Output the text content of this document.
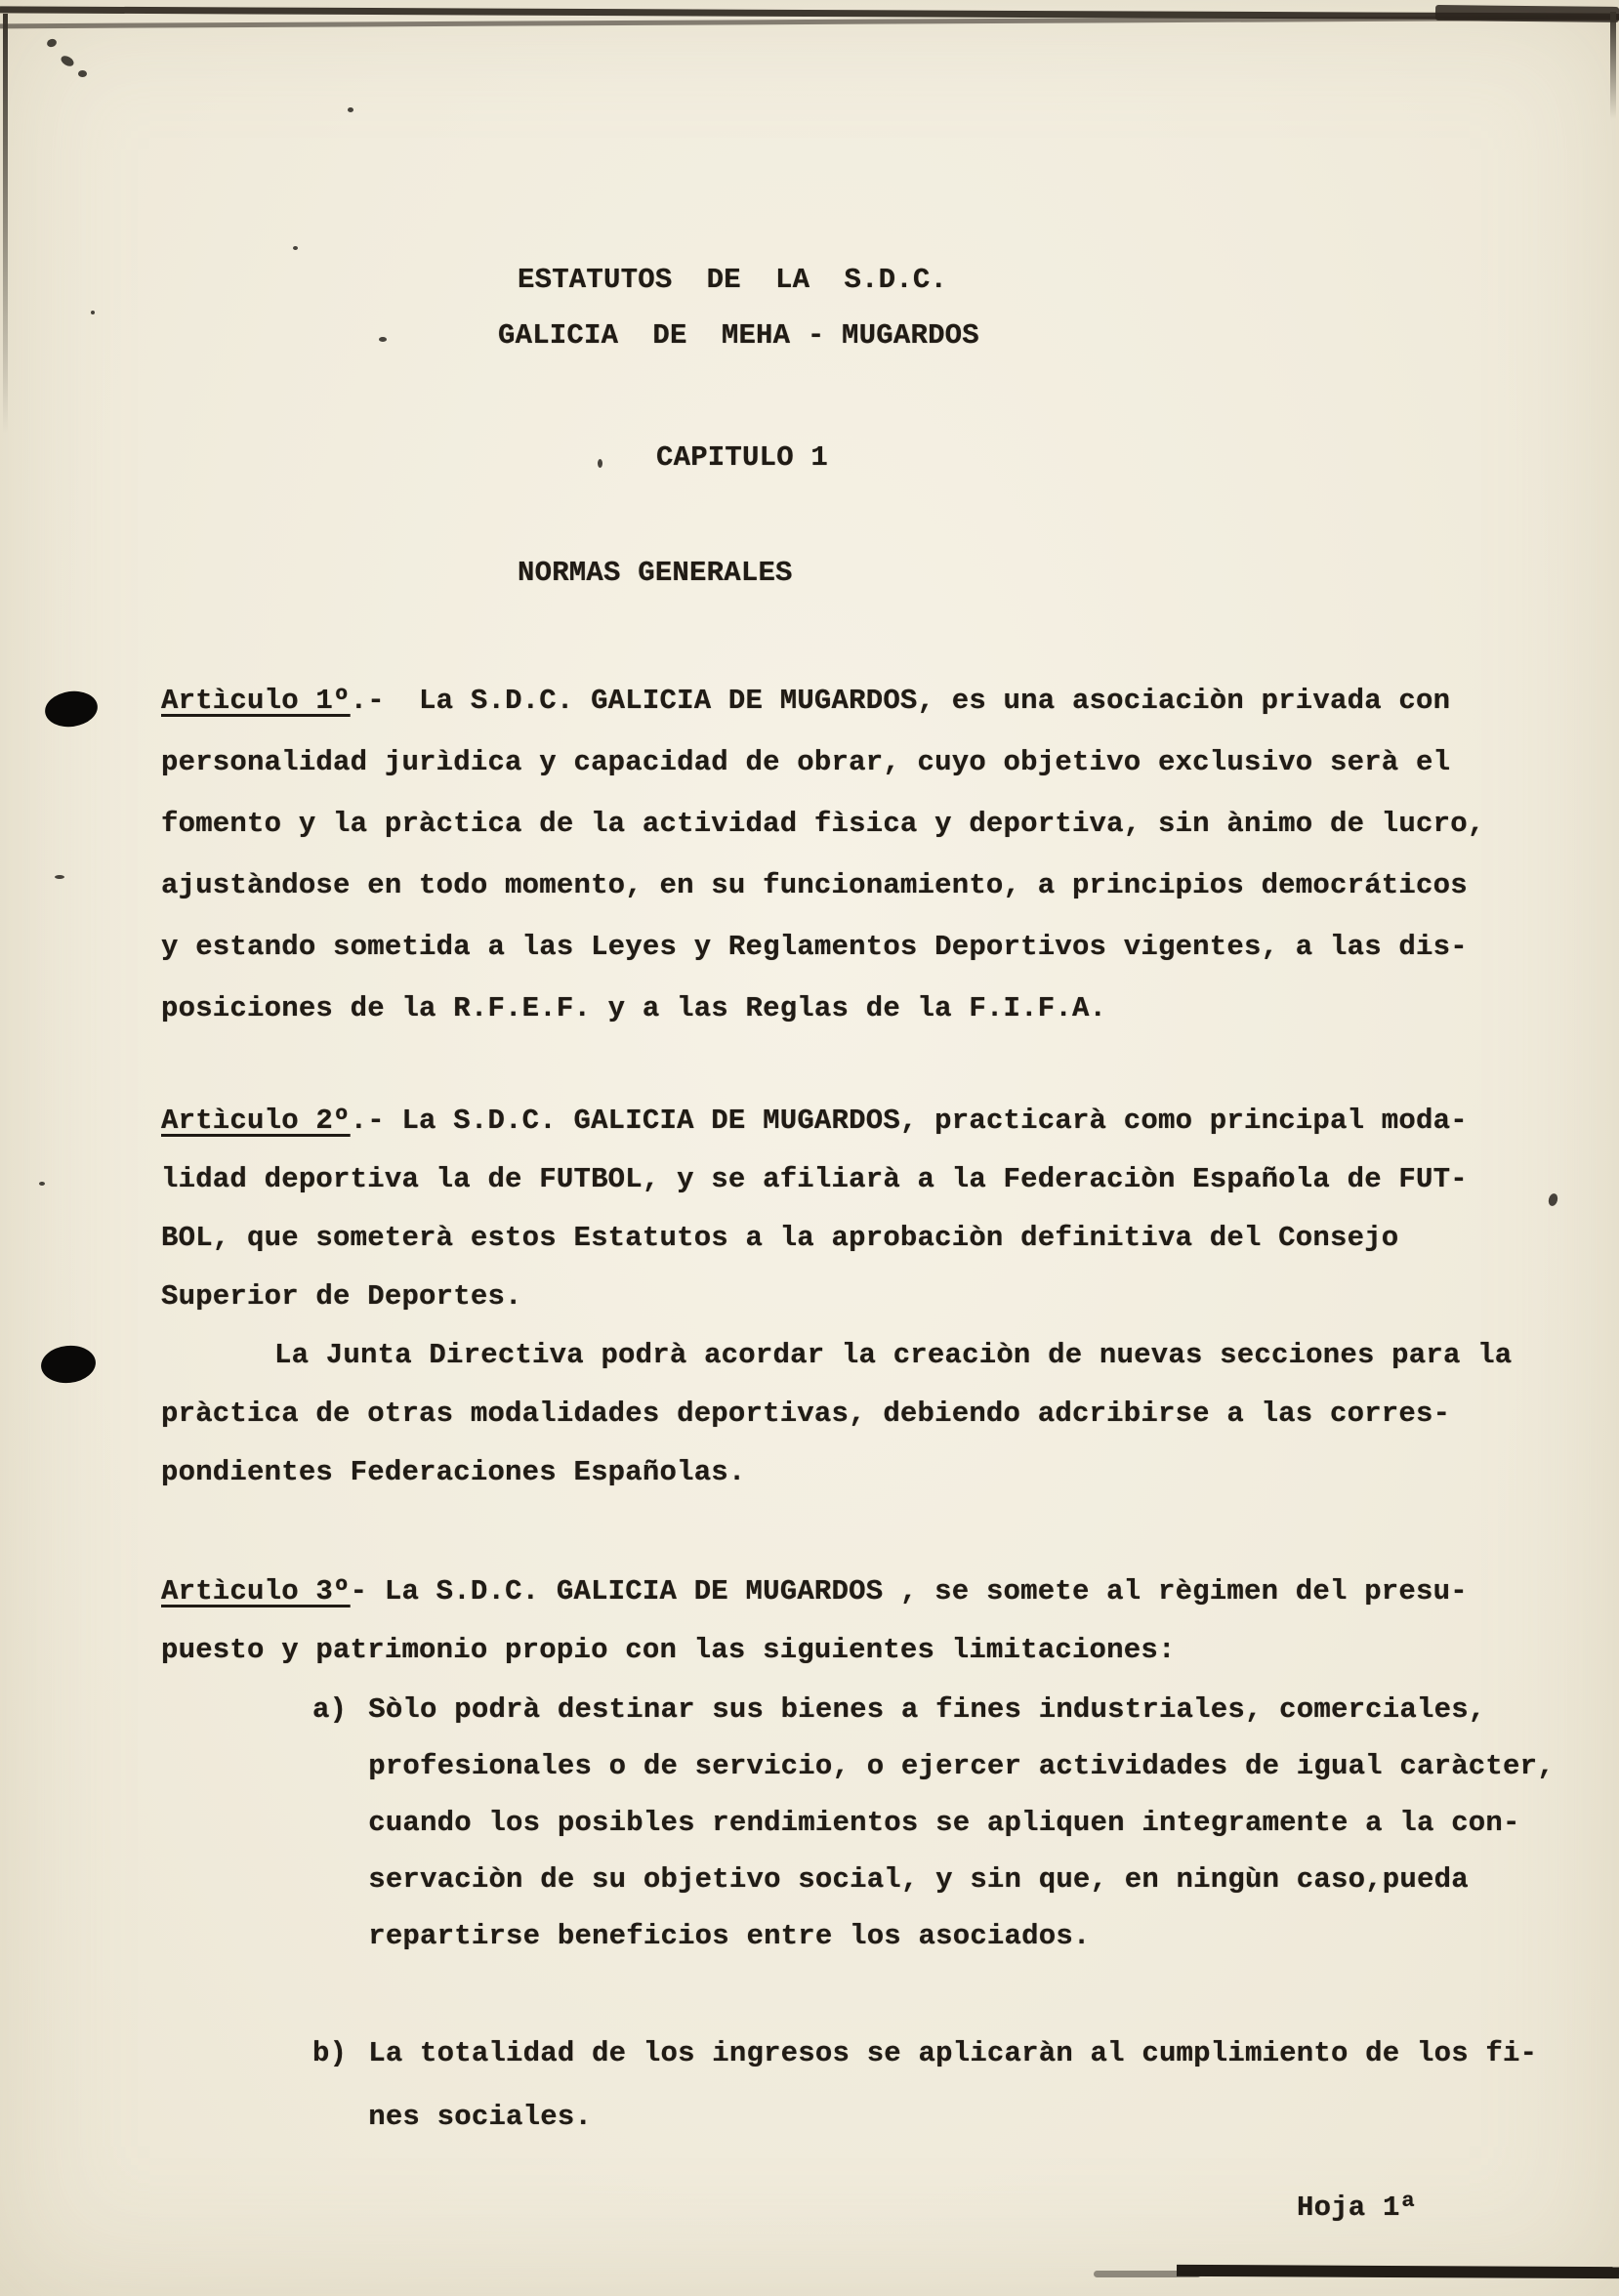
ESTATUTOS  DE  LA  S.D.C.
GALICIA  DE  MEHA - MUGARDOS
CAPITULO 1
NORMAS GENERALES
Artìculo 1º.-  La S.D.C. GALICIA DE MUGARDOS, es una asociaciòn privada con
personalidad jurìdica y capacidad de obrar, cuyo objetivo exclusivo serà el
fomento y la pràctica de la actividad fìsica y deportiva, sin ànimo de lucro,
ajustàndose en todo momento, en su funcionamiento, a principios democráticos
y estando sometida a las Leyes y Reglamentos Deportivos vigentes, a las dis-
posiciones de la R.F.E.F. y a las Reglas de la F.I.F.A.
Artìculo 2º.- La S.D.C. GALICIA DE MUGARDOS, practicarà como principal moda-
lidad deportiva la de FUTBOL, y se afiliarà a la Federaciòn Española de FUT-
BOL, que someterà estos Estatutos a la aprobaciòn definitiva del Consejo
Superior de Deportes.
La Junta Directiva podrà acordar la creaciòn de nuevas secciones para la
pràctica de otras modalidades deportivas, debiendo adcribirse a las corres-
pondientes Federaciones Españolas.
Artìculo 3º- La S.D.C. GALICIA DE MUGARDOS , se somete al règimen del presu-
puesto y patrimonio propio con las siguientes limitaciones:
a) Sòlo podrà destinar sus bienes a fines industriales, comerciales,
profesionales o de servicio, o ejercer actividades de igual caràcter,
cuando los posibles rendimientos se apliquen integramente a la con-
servaciòn de su objetivo social, y sin que, en ningùn caso,pueda
repartirse beneficios entre los asociados.
b) La totalidad de los ingresos se aplicaràn al cumplimiento de los fi-
nes sociales.
Hoja 1ª
